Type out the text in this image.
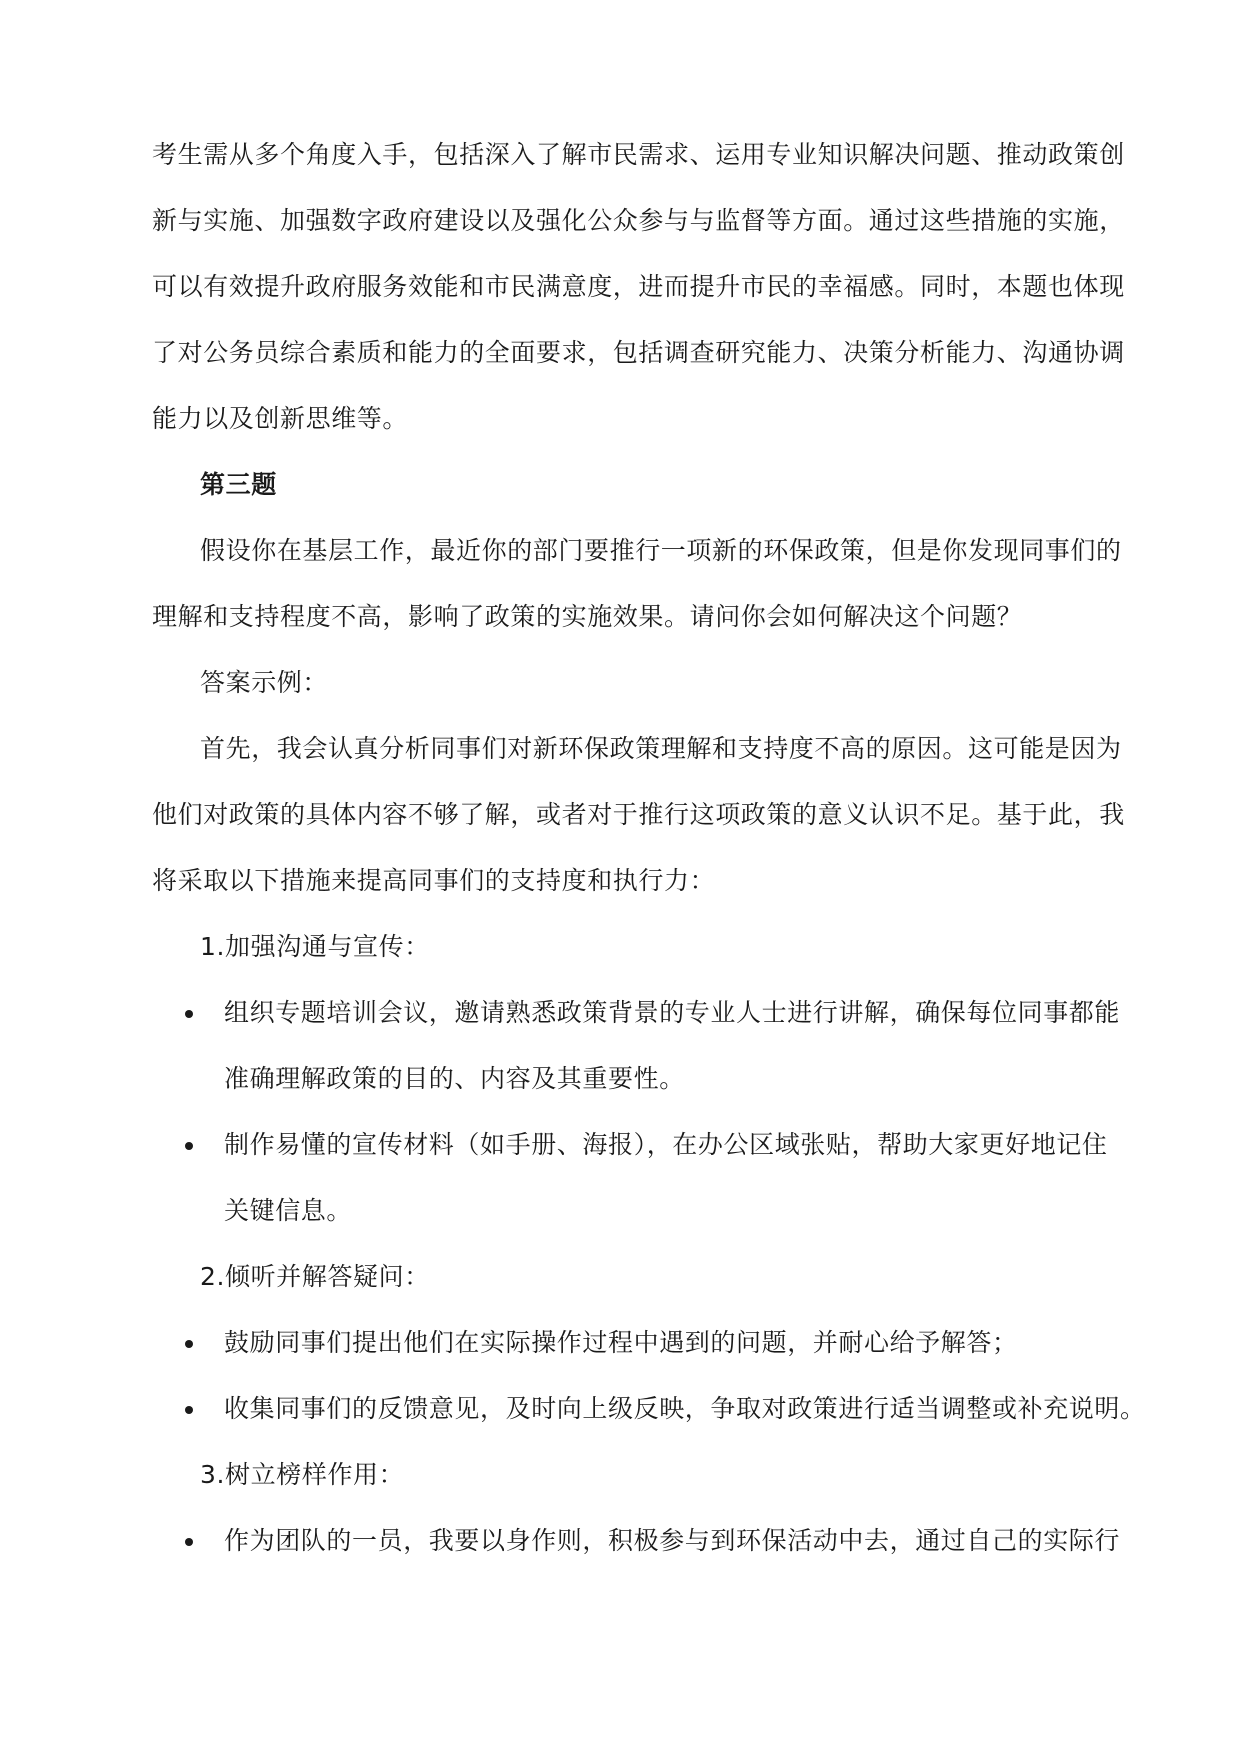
考生需从多个角度入手，包括深入了解市民需求、运用专业知识解决问题、推动政策创
新与实施、加强数字政府建设以及强化公众参与与监督等方面。通过这些措施的实施，
可以有效提升政府服务效能和市民满意度，进而提升市民的幸福感。同时，本题也体现
了对公务员综合素质和能力的全面要求，包括调查研究能力、决策分析能力、沟通协调
能力以及创新思维等。
第三题
假设你在基层工作，最近你的部门要推行一项新的环保政策，但是你发现同事们的
理解和支持程度不高，影响了政策的实施效果。请问你会如何解决这个问题？
答案示例：
首先，我会认真分析同事们对新环保政策理解和支持度不高的原因。这可能是因为
他们对政策的具体内容不够了解，或者对于推行这项政策的意义认识不足。基于此，我
将采取以下措施来提高同事们的支持度和执行力：
1.加强沟通与宣传：
组织专题培训会议，邀请熟悉政策背景的专业人士进行讲解，确保每位同事都能
准确理解政策的目的、内容及其重要性。
制作易懂的宣传材料（如手册、海报），在办公区域张贴，帮助大家更好地记住
关键信息。
2.倾听并解答疑问：
鼓励同事们提出他们在实际操作过程中遇到的问题，并耐心给予解答；
收集同事们的反馈意见，及时向上级反映，争取对政策进行适当调整或补充说明。
3.树立榜样作用：
作为团队的一员，我要以身作则，积极参与到环保活动中去，通过自己的实际行
